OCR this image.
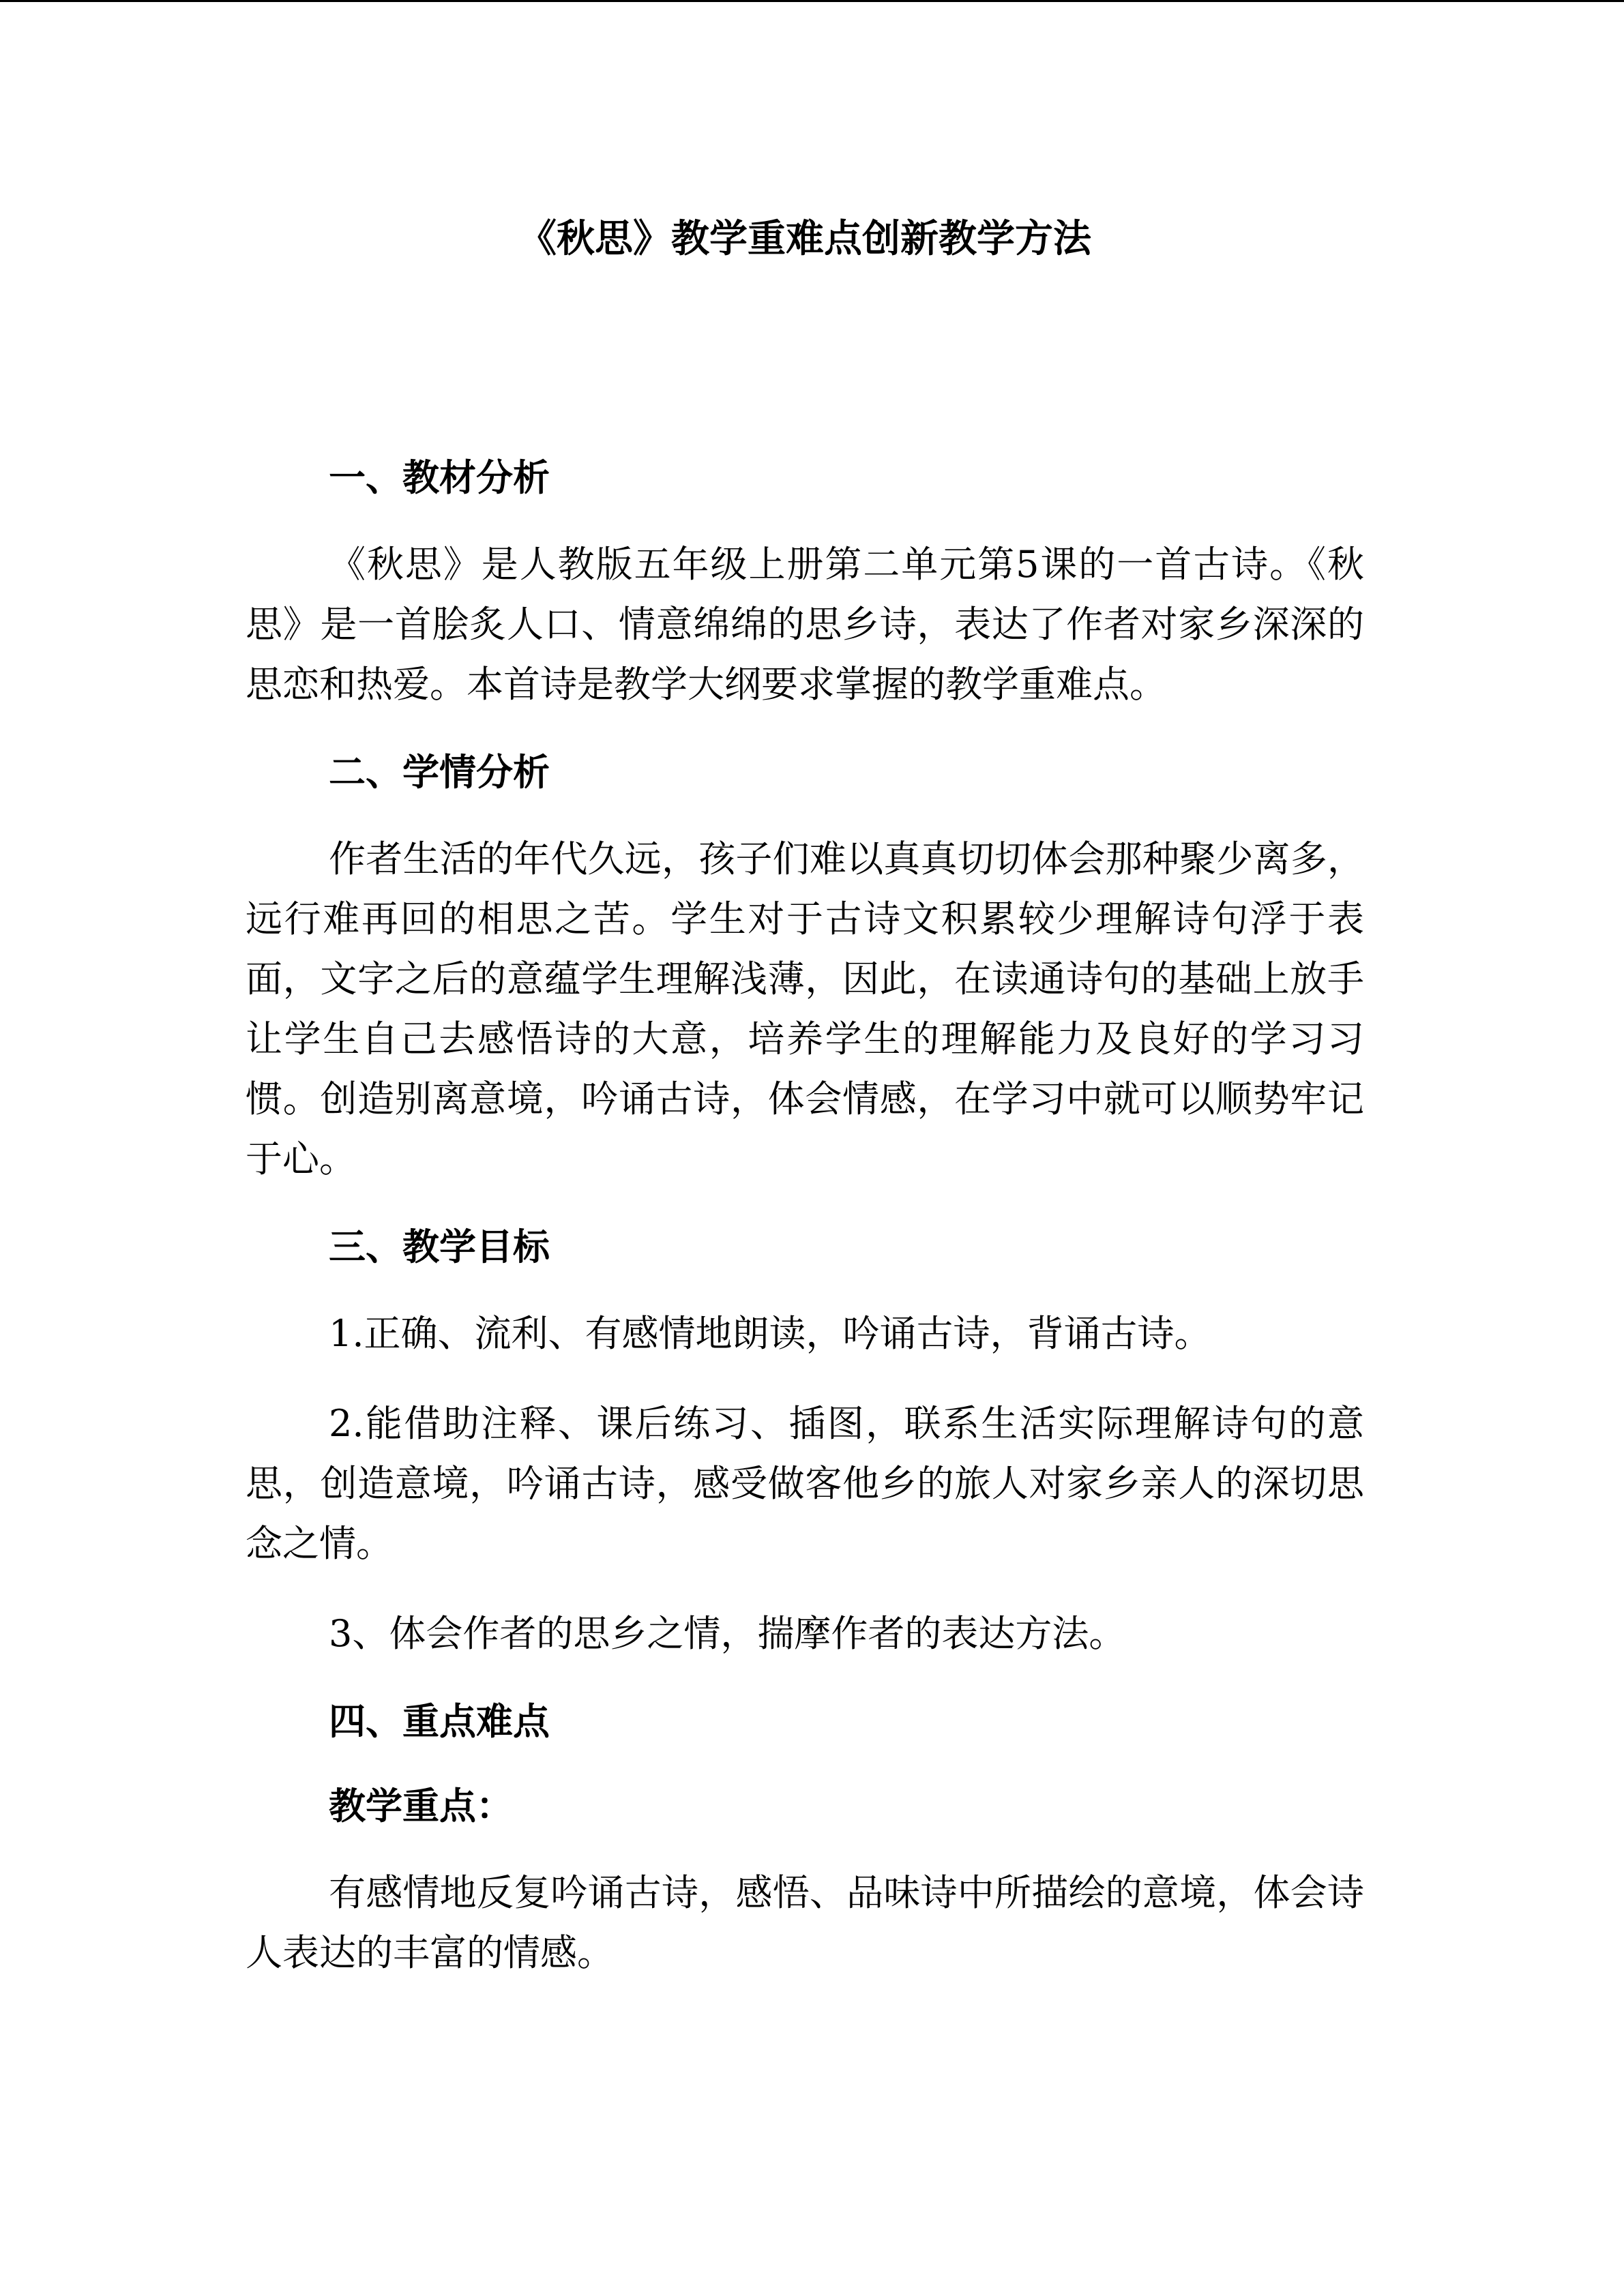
《秋思》教学重难点创新教学方法
一、教材分析
《秋思》是人教版五年级上册第二单元第5课的一首古诗。《秋思》是一首脍炙人口、情意绵绵的思乡诗，表达了作者对家乡深深的思恋和热爱。本首诗是教学大纲要求掌握的教学重难点。
二、学情分析
作者生活的年代久远，孩子们难以真真切切体会那种聚少离多，远行难再回的相思之苦。学生对于古诗文积累较少理解诗句浮于表面，文字之后的意蕴学生理解浅薄，因此，在读通诗句的基础上放手让学生自己去感悟诗的大意，培养学生的理解能力及良好的学习习惯。创造别离意境，吟诵古诗，体会情感，在学习中就可以顺势牢记于心。
三、教学目标
1.正确、流利、有感情地朗读，吟诵古诗，背诵古诗。
2.能借助注释、课后练习、插图，联系生活实际理解诗句的意思，创造意境，吟诵古诗，感受做客他乡的旅人对家乡亲人的深切思念之情。
3、体会作者的思乡之情，揣摩作者的表达方法。
四、重点难点
教学重点：
有感情地反复吟诵古诗，感悟、品味诗中所描绘的意境，体会诗人表达的丰富的情感。
